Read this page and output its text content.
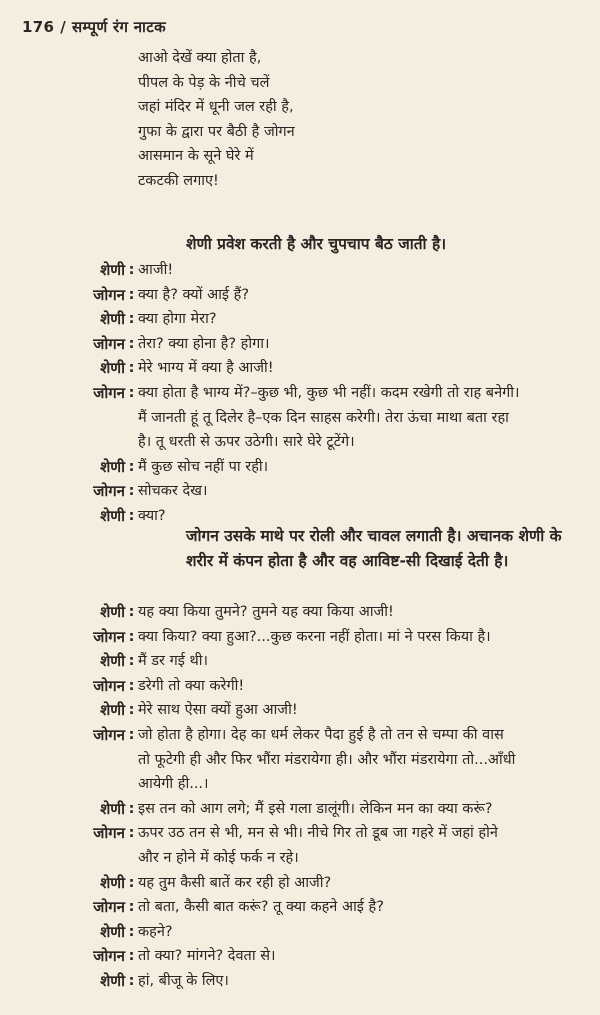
176 / सम्पूर्ण रंग नाटक
आओ देखें क्या होता है,
पीपल के पेड़ के नीचे चलें
जहां मंदिर में धूनी जल रही है,
गुफा के द्वारा पर बैठी है जोगन
आसमान के सूने घेरे में
टकटकी लगाए!
शेणी प्रवेश करती है और चुपचाप बैठ जाती है।
शेणी : आजी!
जोगन : क्या है? क्यों आई हैं?
शेणी : क्या होगा मेरा?
जोगन : तेरा? क्या होना है? होगा।
शेणी : मेरे भाग्य में क्या है आजी!
जोगन : क्या होता है भाग्य में?–कुछ भी, कुछ भी नहीं। कदम रखेगी तो राह बनेगी।
मैं जानती हूं तू दिलेर है–एक दिन साहस करेगी। तेरा ऊंचा माथा बता रहा
है। तू धरती से ऊपर उठेगी। सारे घेरे टूटेंगे।
शेणी : मैं कुछ सोच नहीं पा रही।
जोगन : सोचकर देख।
शेणी : क्या?
जोगन उसके माथे पर रोली और चावल लगाती है। अचानक शेणी के शरीर में कंपन होता है और वह आविष्ट-सी दिखाई देती है।
शेणी : यह क्या किया तुमने? तुमने यह क्या किया आजी!
जोगन : क्या किया? क्या हुआ?...कुछ करना नहीं होता। मां ने परस किया है।
शेणी : मैं डर गई थी।
जोगन : डरेगी तो क्या करेगी!
शेणी : मेरे साथ ऐसा क्यों हुआ आजी!
जोगन : जो होता है होगा। देह का धर्म लेकर पैदा हुई है तो तन से चम्पा की वास
तो फूटेगी ही और फिर भौंरा मंडरायेगा ही। और भौंरा मंडरायेगा तो...आँधी
आयेगी ही...।
शेणी : इस तन को आग लगे; मैं इसे गला डालूंगी। लेकिन मन का क्या करूं?
जोगन : ऊपर उठ तन से भी, मन से भी। नीचे गिर तो डूब जा गहरे में जहां होने
और न होने में कोई फर्क न रहे।
शेणी : यह तुम कैसी बातें कर रही हो आजी?
जोगन : तो बता, कैसी बात करूं? तू क्या कहने आई है?
शेणी : कहने?
जोगन : तो क्या? मांगने? देवता से।
शेणी : हां, बीजू के लिए।
